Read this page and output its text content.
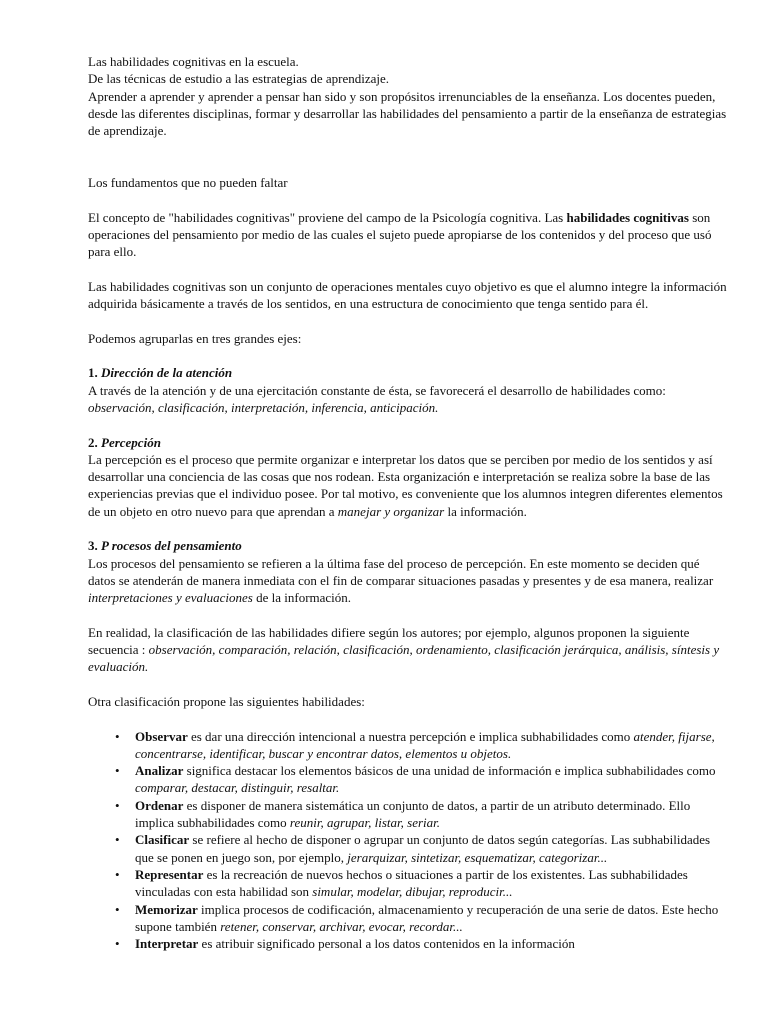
Las habilidades cognitivas en la escuela.

De las técnicas de estudio a las estrategias de aprendizaje.

Aprender a aprender y aprender a pensar han sido y son propósitos irrenunciables de la enseñanza. Los docentes pueden, desde las diferentes disciplinas, formar y desarrollar las habilidades del pensamiento a partir de la enseñanza de estrategias de aprendizaje.

Los fundamentos que no pueden faltar

El concepto de "habilidades cognitivas" proviene del campo de la Psicología cognitiva. Las habilidades cognitivas son operaciones del pensamiento por medio de las cuales el sujeto puede apropiarse de los contenidos y del proceso que usó para ello.

Las habilidades cognitivas son un conjunto de operaciones mentales cuyo objetivo es que el alumno integre la información adquirida básicamente a través de los sentidos, en una estructura de conocimiento que tenga sentido para él.

Podemos agruparlas en tres grandes ejes:

1. Dirección de la atención

A través de la atención y de una ejercitación constante de ésta, se favorecerá el desarrollo de habilidades como: observación, clasificación, interpretación, inferencia, anticipación.

2. Percepción

La percepción es el proceso que permite organizar e interpretar los datos que se perciben por medio de los sentidos y así desarrollar una conciencia de las cosas que nos rodean. Esta organización e interpretación se realiza sobre la base de las experiencias previas que el individuo posee. Por tal motivo, es conveniente que los alumnos integren diferentes elementos de un objeto en otro nuevo para que aprendan a manejar y organizar la información.

3. P rocesos del pensamiento

Los procesos del pensamiento se refieren a la última fase del proceso de percepción. En este momento se deciden qué datos se atenderán de manera inmediata con el fin de comparar situaciones pasadas y presentes y de esa manera, realizar interpretaciones y evaluaciones de la información.

En realidad, la clasificación de las habilidades difiere según los autores; por ejemplo, algunos proponen la siguiente secuencia : observación, comparación, relación, clasificación, ordenamiento, clasificación jerárquica, análisis, síntesis y evaluación.

Otra clasificación propone las siguientes habilidades:

• Observar es dar una dirección intencional a nuestra percepción e implica subhabilidades como atender, fijarse, concentrarse, identificar, buscar y encontrar datos, elementos u objetos.
• Analizar significa destacar los elementos básicos de una unidad de información e implica subhabilidades como comparar, destacar, distinguir, resaltar.
• Ordenar es disponer de manera sistemática un conjunto de datos, a partir de un atributo determinado. Ello implica subhabilidades como reunir, agrupar, listar, seriar.
• Clasificar se refiere al hecho de disponer o agrupar un conjunto de datos según categorías. Las subhabilidades que se ponen en juego son, por ejemplo, jerarquizar, sintetizar, esquematizar, categorizar...
• Representar es la recreación de nuevos hechos o situaciones a partir de los existentes. Las subhabilidades vinculadas con esta habilidad son simular, modelar, dibujar, reproducir...
• Memorizar implica procesos de codificación, almacenamiento y recuperación de una serie de datos. Este hecho supone también retener, conservar, archivar, evocar, recordar...
• Interpretar es atribuir significado personal a los datos contenidos en la información
